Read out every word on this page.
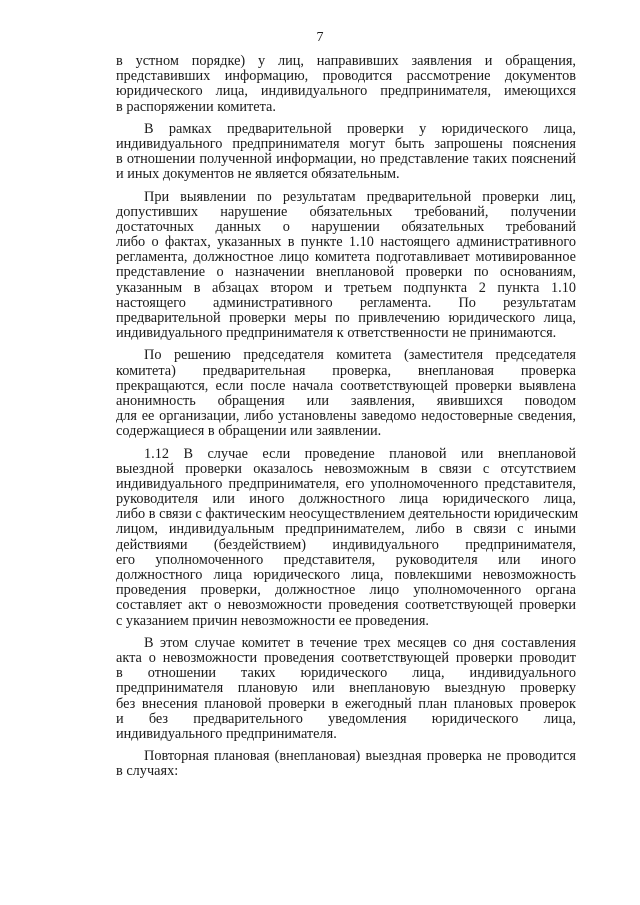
7
в устном порядке) у лиц, направивших заявления и обращения,
представивших информацию, проводится рассмотрение документов
юридического лица, индивидуального предпринимателя, имеющихся
в распоряжении комитета.
В рамках предварительной проверки у юридического лица,
индивидуального предпринимателя могут быть запрошены пояснения
в отношении полученной информации, но представление таких пояснений
и иных документов не является обязательным.
При выявлении по результатам предварительной проверки лиц,
допустивших нарушение обязательных требований, получении
достаточных данных о нарушении обязательных требований
либо о фактах, указанных в пункте 1.10 настоящего административного
регламента, должностное лицо комитета подготавливает мотивированное
представление о назначении внеплановой проверки по основаниям,
указанным в абзацах втором и третьем подпункта 2 пункта 1.10
настоящего административного регламента. По результатам
предварительной проверки меры по привлечению юридического лица,
индивидуального предпринимателя к ответственности не принимаются.
По решению председателя комитета (заместителя председателя
комитета) предварительная проверка, внеплановая проверка
прекращаются, если после начала соответствующей проверки выявлена
анонимность обращения или заявления, явившихся поводом
для ее организации, либо установлены заведомо недостоверные сведения,
содержащиеся в обращении или заявлении.
1.12 В случае если проведение плановой или внеплановой
выездной проверки оказалось невозможным в связи с отсутствием
индивидуального предпринимателя, его уполномоченного представителя,
руководителя или иного должностного лица юридического лица,
либо в связи с фактическим неосуществлением деятельности юридическим
лицом, индивидуальным предпринимателем, либо в связи с иными
действиями (бездействием) индивидуального предпринимателя,
его уполномоченного представителя, руководителя или иного
должностного лица юридического лица, повлекшими невозможность
проведения проверки, должностное лицо уполномоченного органа
составляет акт о невозможности проведения соответствующей проверки
с указанием причин невозможности ее проведения.
В этом случае комитет в течение трех месяцев со дня составления
акта о невозможности проведения соответствующей проверки проводит
в отношении таких юридического лица, индивидуального
предпринимателя плановую или внеплановую выездную проверку
без внесения плановой проверки в ежегодный план плановых проверок
и без предварительного уведомления юридического лица,
индивидуального предпринимателя.
Повторная плановая (внеплановая) выездная проверка не проводится
в случаях:
